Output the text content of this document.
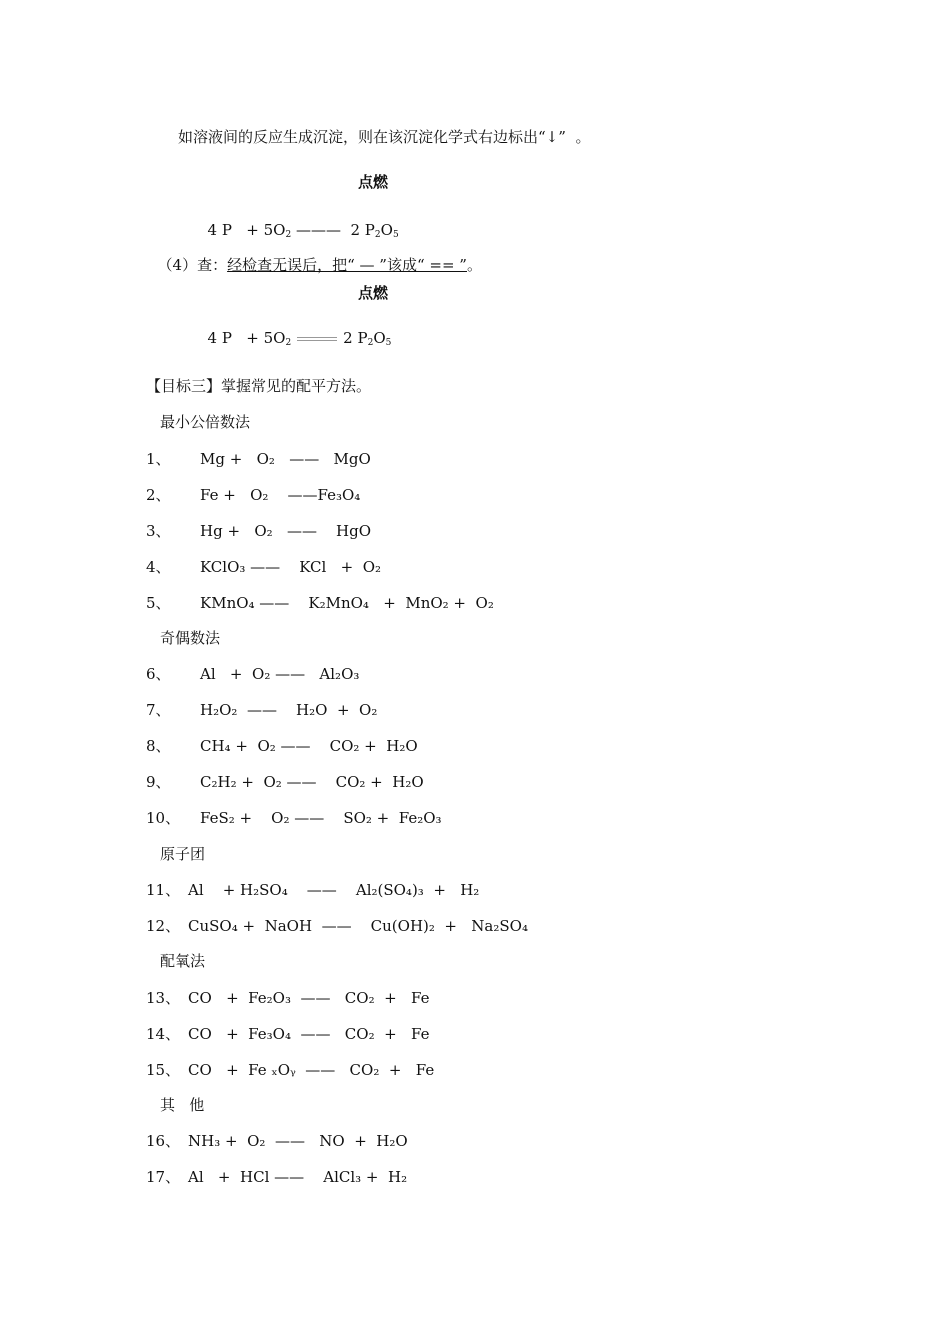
如溶液间的反应生成沉淀，则在该沉淀化学式右边标出“↓”  。
点燃

4 $P + 5O_2$ ———  2 $P_2O_5$

（4）查：经检查无误后，把“ — ”该成“ == ”。

点燃

4 $P + 5O_2$	2 $P_2O_5$

【目标三】掌握常见的配平方法。
最小公倍数法
1、 Mg +   O₂   ——   MgO
2、 Fe +   O₂    ——Fe₃O₄
3、 Hg +   O₂   ——    HgO
4、 KClO₃ ——    KCl   +  O₂
5、 KMnO₄ ——    K₂MnO₄   +  MnO₂ +  O₂
奇偶数法
6、 Al   +  O₂ ——   Al₂O₃
7、 H₂O₂  ——    H₂O  +  O₂
8、 CH₄ +  O₂ ——    CO₂ +  H₂O
9、 C₂H₂ +  O₂ ——    CO₂ +  H₂O
10、 FeS₂ +    O₂ ——    SO₂ +  Fe₂O₃
原子团
11、 Al    + H₂SO₄    ——    Al₂(SO₄)₃  +   H₂
12、 CuSO₄ +  NaOH  ——    Cu(OH)₂  +   Na₂SO₄
配氧法
13、 CO   +  Fe₂O₃  ——   CO₂  +   Fe
14、 CO   +  Fe₃O₄  ——   CO₂  +   Fe
15、 CO   +  Fe ₓOᵧ  ——   CO₂  +   Fe
其   他
16、 NH₃ +  O₂  ——   NO  +  H₂O
17、 Al   +  HCl ——    AlCl₃ +  H₂
